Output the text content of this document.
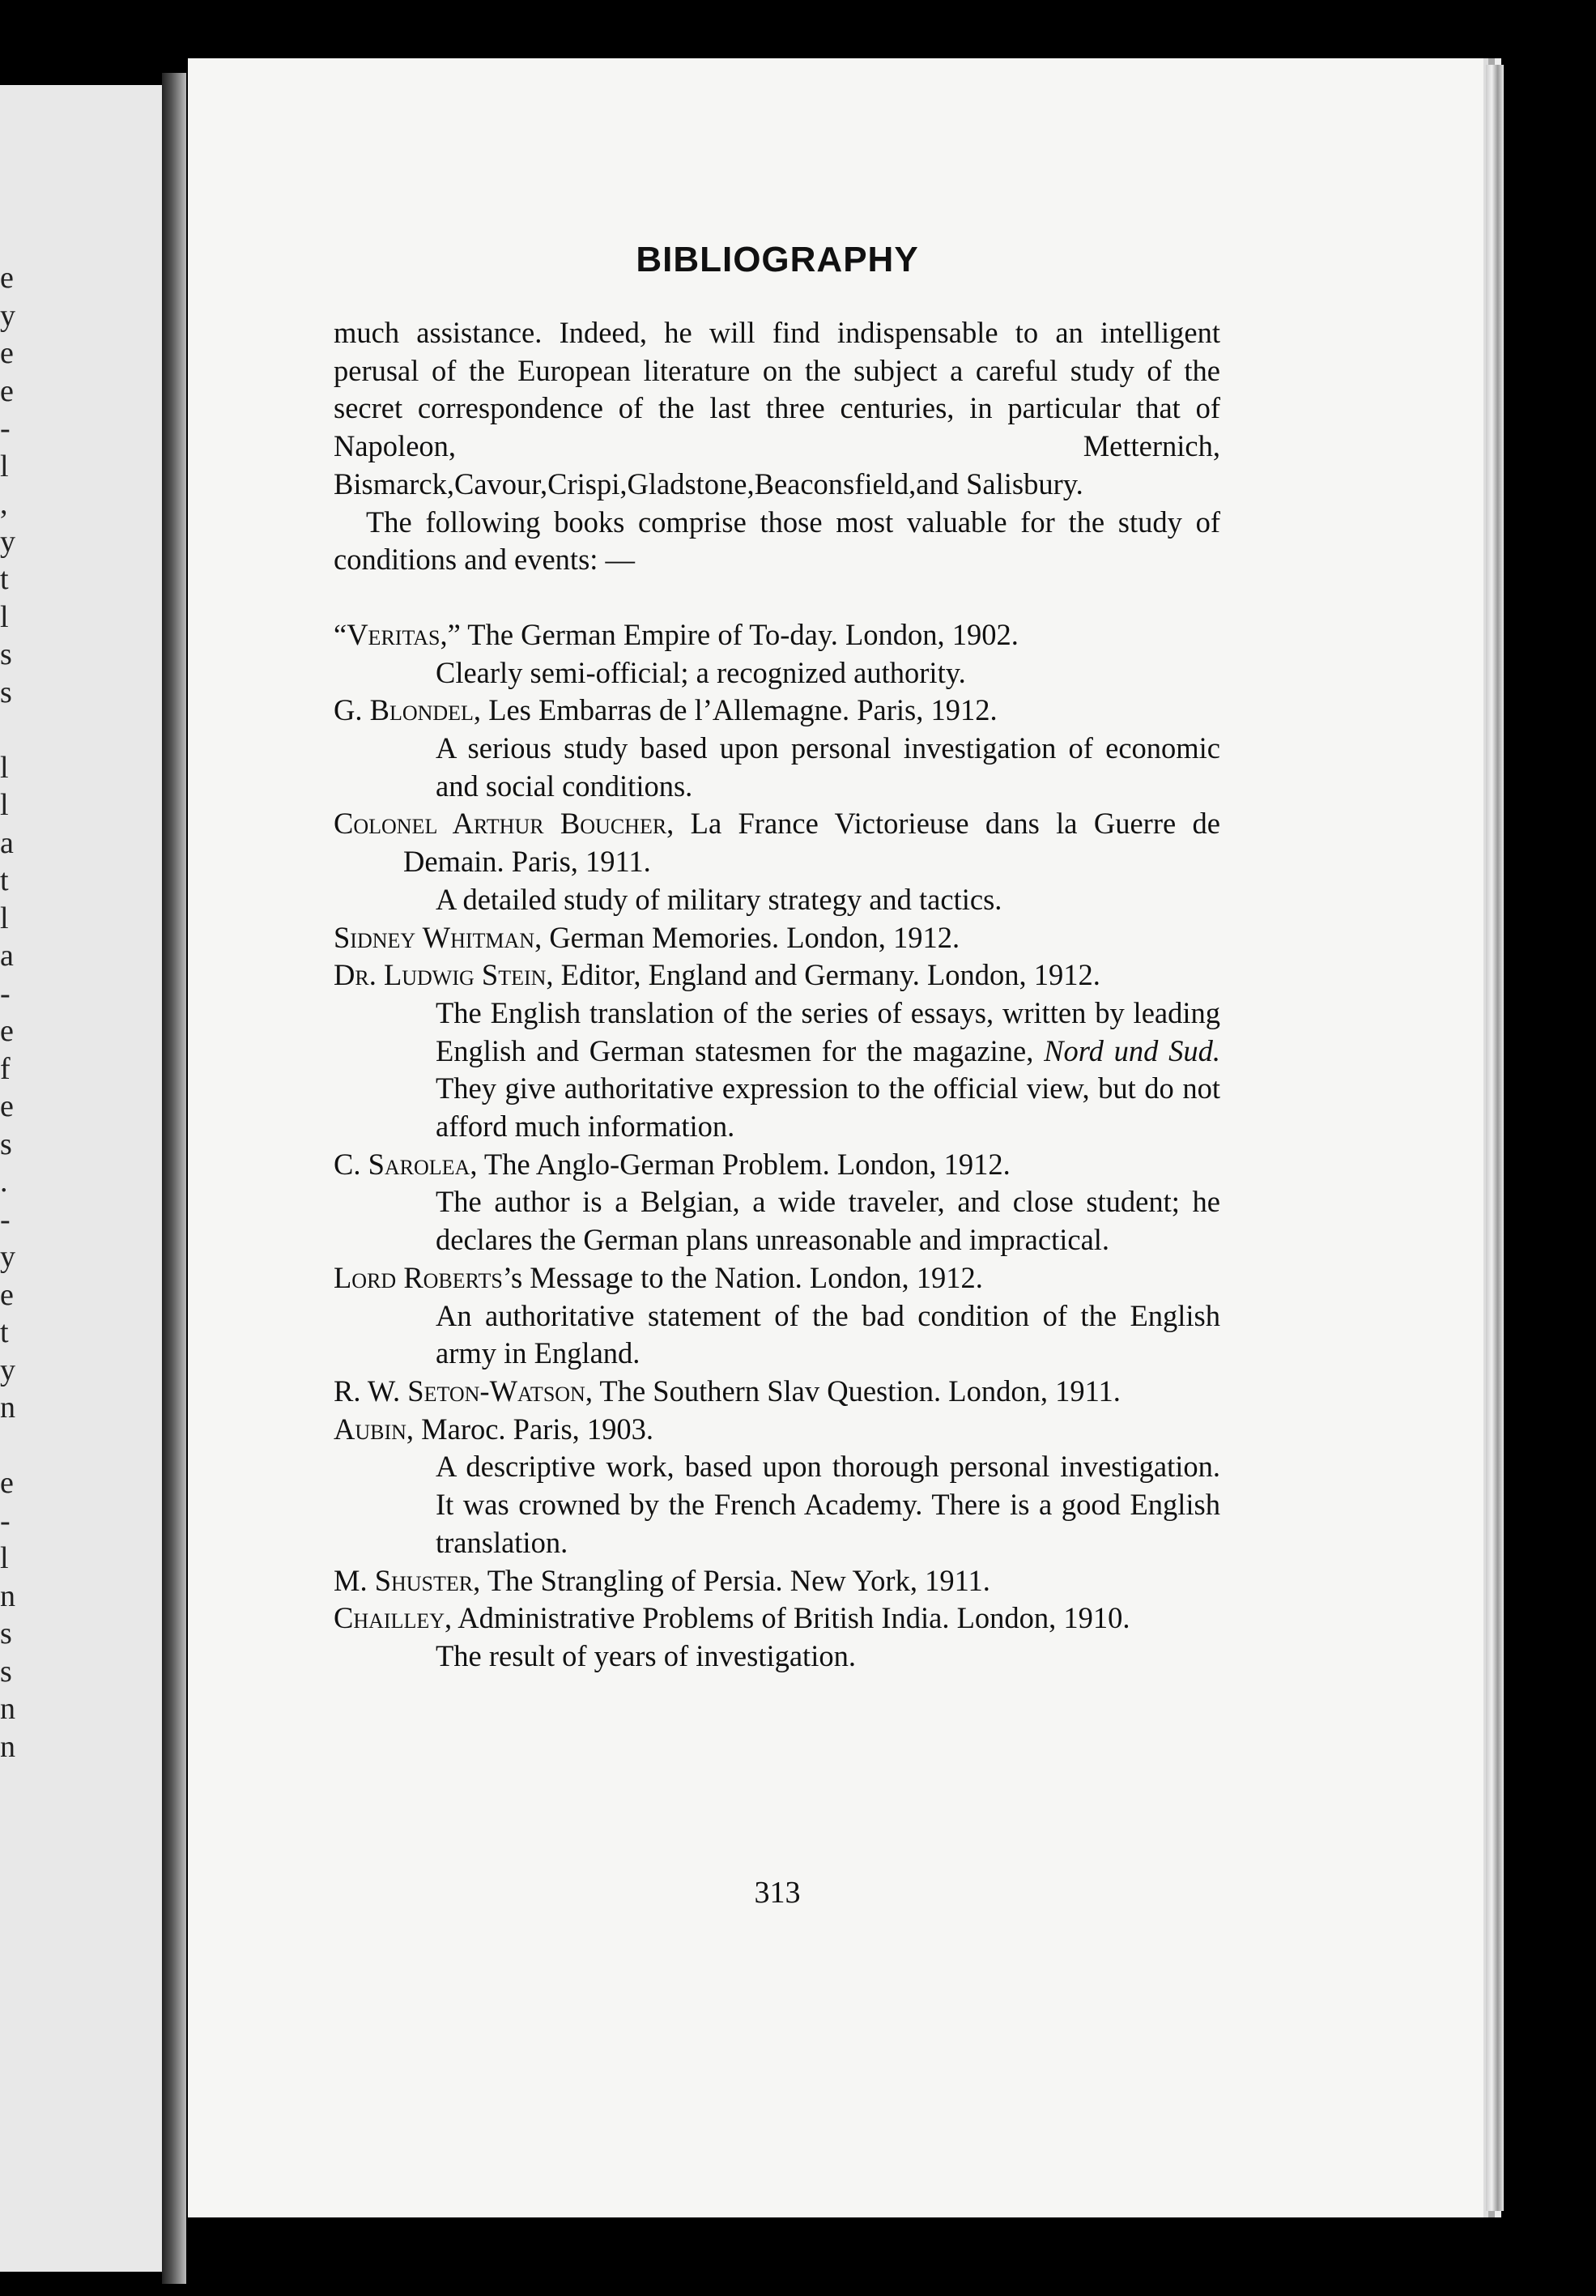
e
y
e
e
-
l
,
y
t
l
s
s
l
l
a
t
l
a
-
e
f
e
s
.
-
y
e
t
y
n
e
-
l
n
s
s
n
n
BIBLIOGRAPHY

much assistance. Indeed, he will find indispensable to an intelligent perusal of the European literature on the subject a careful study of the secret correspondence of the last three centuries, in particular that of Napoleon, Metternich, Bismarck,Cavour,Crispi,Gladstone,Beaconsfield,and Salisbury.

The following books comprise those most valuable for the study of conditions and events: —

“Veritas,” The German Empire of To-day. London, 1902.

Clearly semi-official; a recognized authority.

G. Blondel, Les Embarras de l’Allemagne. Paris, 1912.

A serious study based upon personal investigation of economic and social conditions.

Colonel Arthur Boucher, La France Victorieuse dans la Guerre de Demain. Paris, 1911.

A detailed study of military strategy and tactics.

Sidney Whitman, German Memories. London, 1912.

Dr. Ludwig Stein, Editor, England and Germany. London, 1912.

The English translation of the series of essays, written by leading English and German statesmen for the magazine, Nord und Sud. They give authoritative expression to the official view, but do not afford much information.

C. Sarolea, The Anglo-German Problem. London, 1912.

The author is a Belgian, a wide traveler, and close student; he declares the German plans unreasonable and impractical.

Lord Roberts’s Message to the Nation. London, 1912.

An authoritative statement of the bad condition of the English army in England.

R. W. Seton-Watson, The Southern Slav Question. London, 1911.

Aubin, Maroc. Paris, 1903.

A descriptive work, based upon thorough personal investigation. It was crowned by the French Academy. There is a good English translation.

M. Shuster, The Strangling of Persia. New York, 1911.

Chailley, Administrative Problems of British India. London, 1910.

The result of years of investigation.

313
